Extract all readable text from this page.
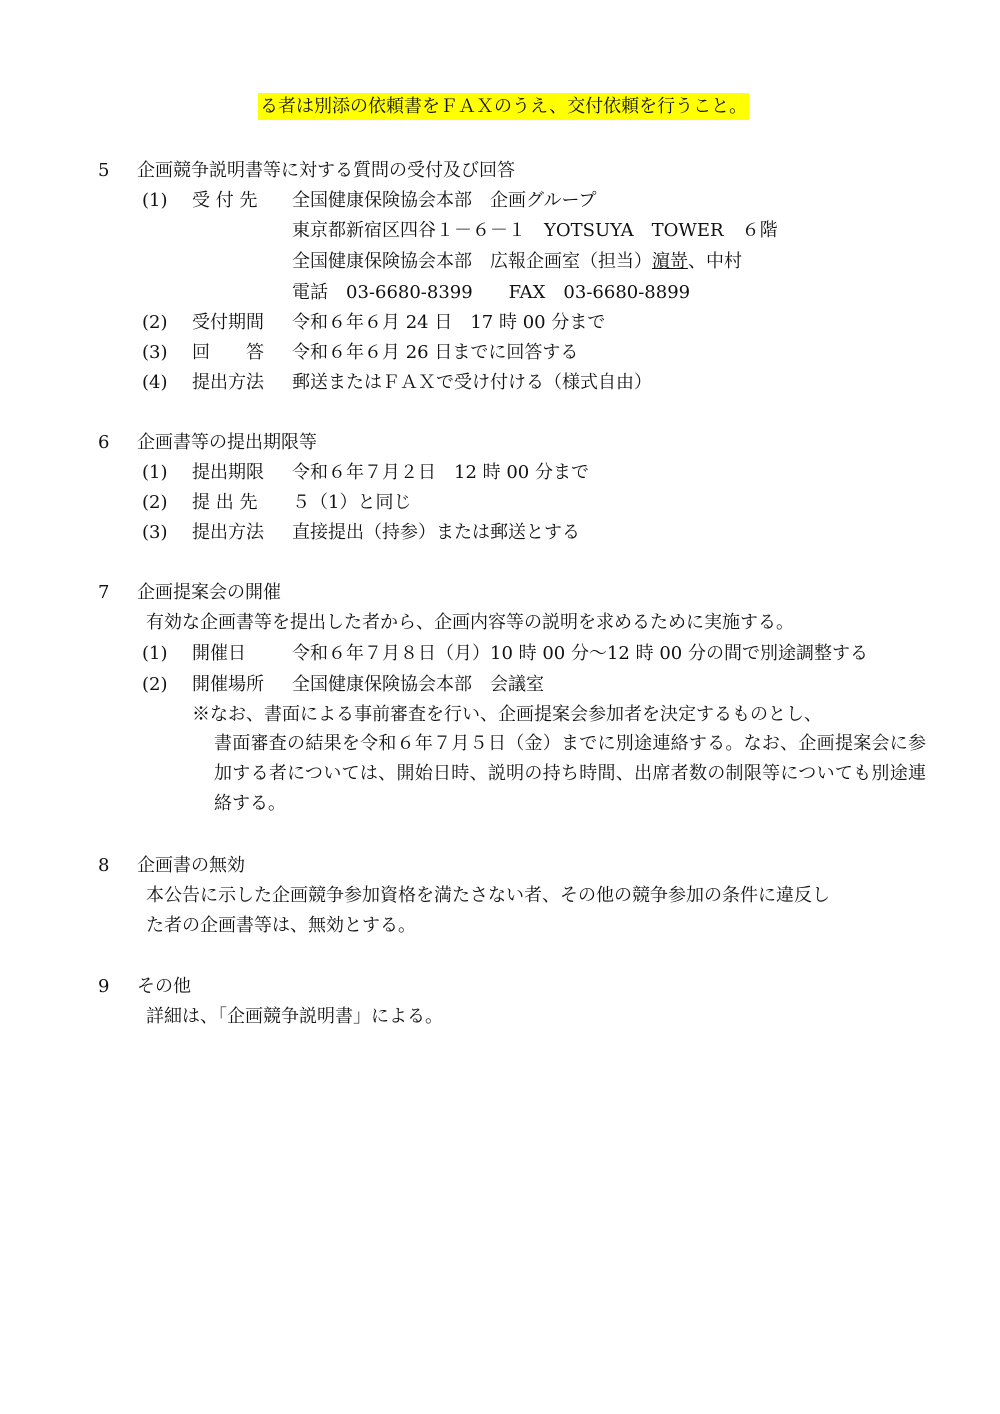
る者は別添の依頼書をＦＡＸのうえ、交付依頼を行うこと。
5 企画競争説明書等に対する質問の受付及び回答
(1) 受 付 先 全国健康保険協会本部　企画グループ
東京都新宿区四谷１－６－１　YOTSUYA　TOWER　６階
全国健康保険協会本部　広報企画室（担当）濵嵜、中村
電話　03-6680-8399　　FAX　03-6680-8899
(2) 受付期間 令和６年６月 24 日　17 時 00 分まで
(3) 回　　答 令和６年６月 26 日までに回答する
(4) 提出方法 郵送またはＦＡＸで受け付ける（様式自由）
6 企画書等の提出期限等
(1) 提出期限 令和６年７月２日　12 時 00 分まで
(2) 提 出 先 ５（1）と同じ
(3) 提出方法 直接提出（持参）または郵送とする
7 企画提案会の開催
有効な企画書等を提出した者から、企画内容等の説明を求めるために実施する。
(1) 開催日	令和６年７月８日（月）10 時 00 分～12 時 00 分の間で別途調整する
(2) 開催場所 全国健康保険協会本部　会議室
※なお、書面による事前審査を行い、企画提案会参加者を決定するものとし、
書面審査の結果を令和６年７月５日（金）までに別途連絡する。なお、企画提案会に参加する者については、開始日時、説明の持ち時間、出席者数の制限等についても別途連絡する。
8 企画書の無効
本公告に示した企画競争参加資格を満たさない者、その他の競争参加の条件に違反し
た者の企画書等は、無効とする。
9 その他
詳細は、「企画競争説明書」による。
